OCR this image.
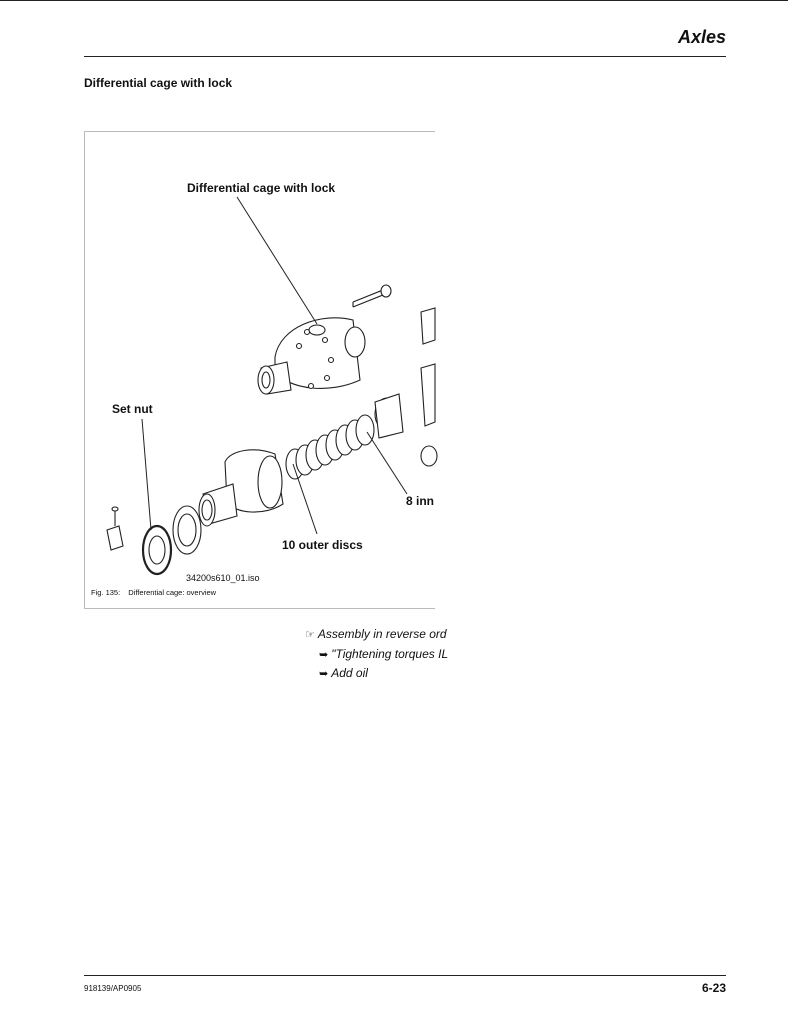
Axles
Differential cage with lock
Differential cage with lock
Set nut
10 outer discs
8 inn
34200s610_01.iso
Fig. 135: Differential cage: overview
☞ Assembly in reverse ord
➥ "Tightening torques IL
➥ Add oil
918139/AP0905	6-23
